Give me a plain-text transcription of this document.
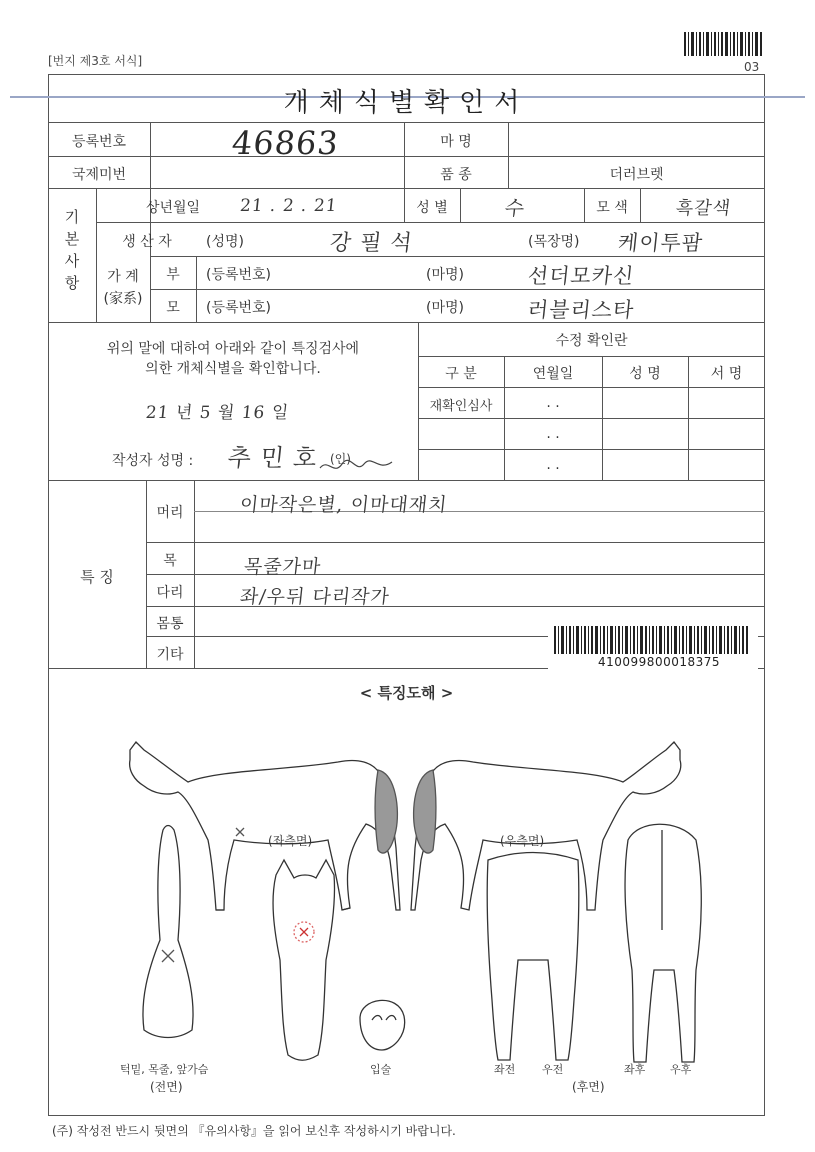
[번지 제3호 서식]	03
개체식별확인서
등록번호	46863	마 명
국제미번	품 종	더러브렛
기
본
사
항
상년월일	21 . 2 . 21	성 별	수	모 색	흑갈색
생 산 자	(성명)	강 필 석	(목장명) 케이투팜
가 계
(家系)
부	(등록번호)	(마명)	선더모카신
모	(등록번호)	(마명)	러블리스타
위의 말에 대하여 아래와 같이 특징검사에
의한 개체식별을 확인합니다.
21 년 5 월 16 일
작성자 성명 : 추 민 호 (인)
수정 확인란
구 분	연월일	성 명	서 명
재확인심사	. .
. .
. .
특 징
머리	이마작은별, 이마대재치
목	목줄가마
다리	좌/우뒤 다리작가
몸통
기타	410099800018375
< 특징도해 >
(좌측면)	(우측면)
턱밑, 목줄, 앞가슴
(전면)
입술	좌전 우전
(후면)
좌후 우후
(주) 작성전 반드시 뒷면의 『유의사항』을 읽어 보신후 작성하시기 바랍니다.
